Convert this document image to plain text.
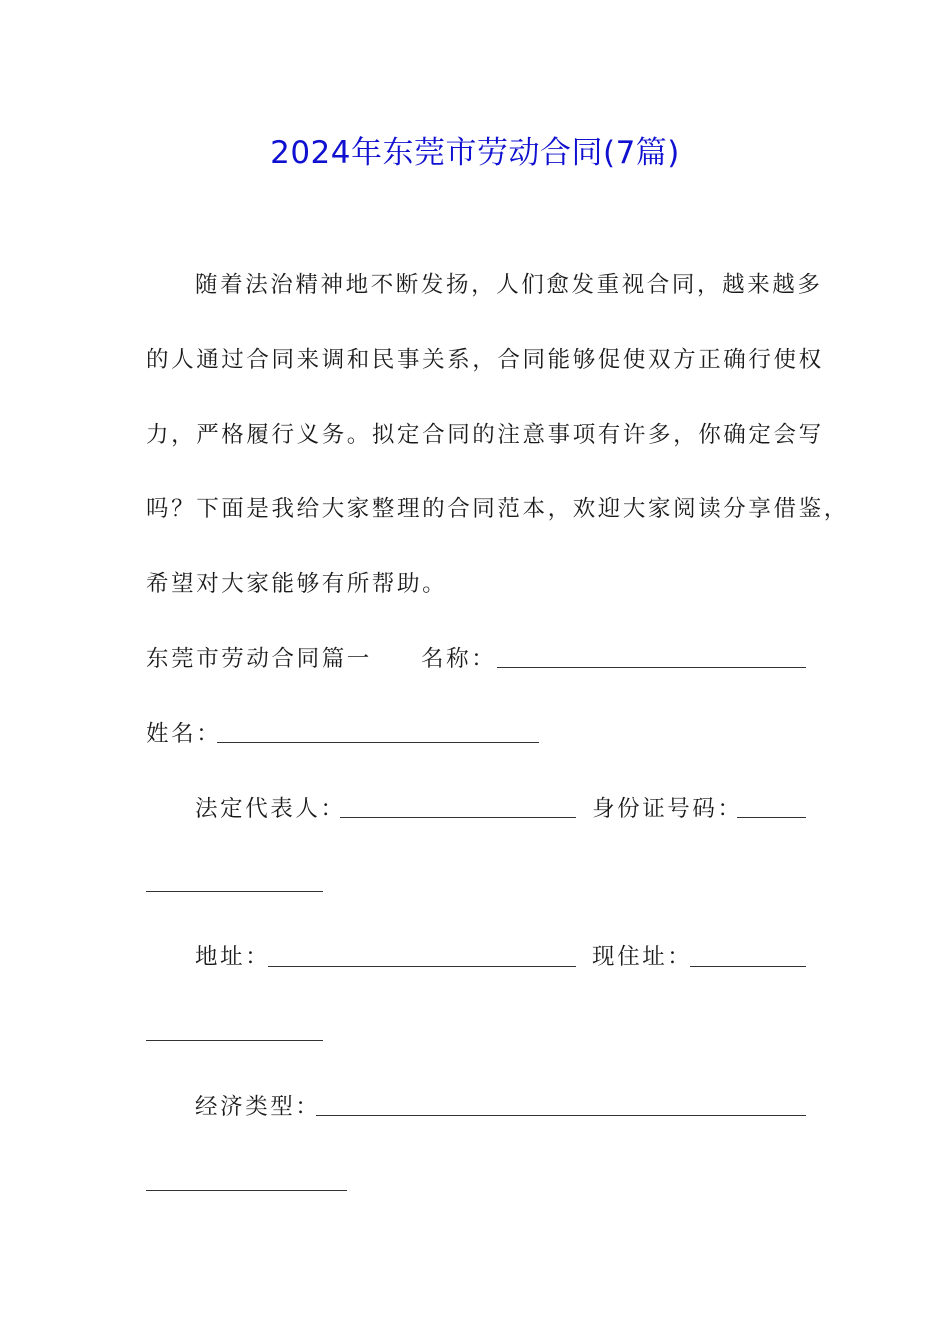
2024年东莞市劳动合同(7篇)
随着法治精神地不断发扬，人们愈发重视合同，越来越多
的人通过合同来调和民事关系，合同能够促使双方正确行使权
力，严格履行义务。拟定合同的注意事项有许多，你确定会写
吗？下面是我给大家整理的合同范本，欢迎大家阅读分享借鉴，
希望对大家能够有所帮助。
东莞市劳动合同篇一 名称：
姓名：
法定代表人：	身份证号码：
地址：	现住址：
经济类型：
